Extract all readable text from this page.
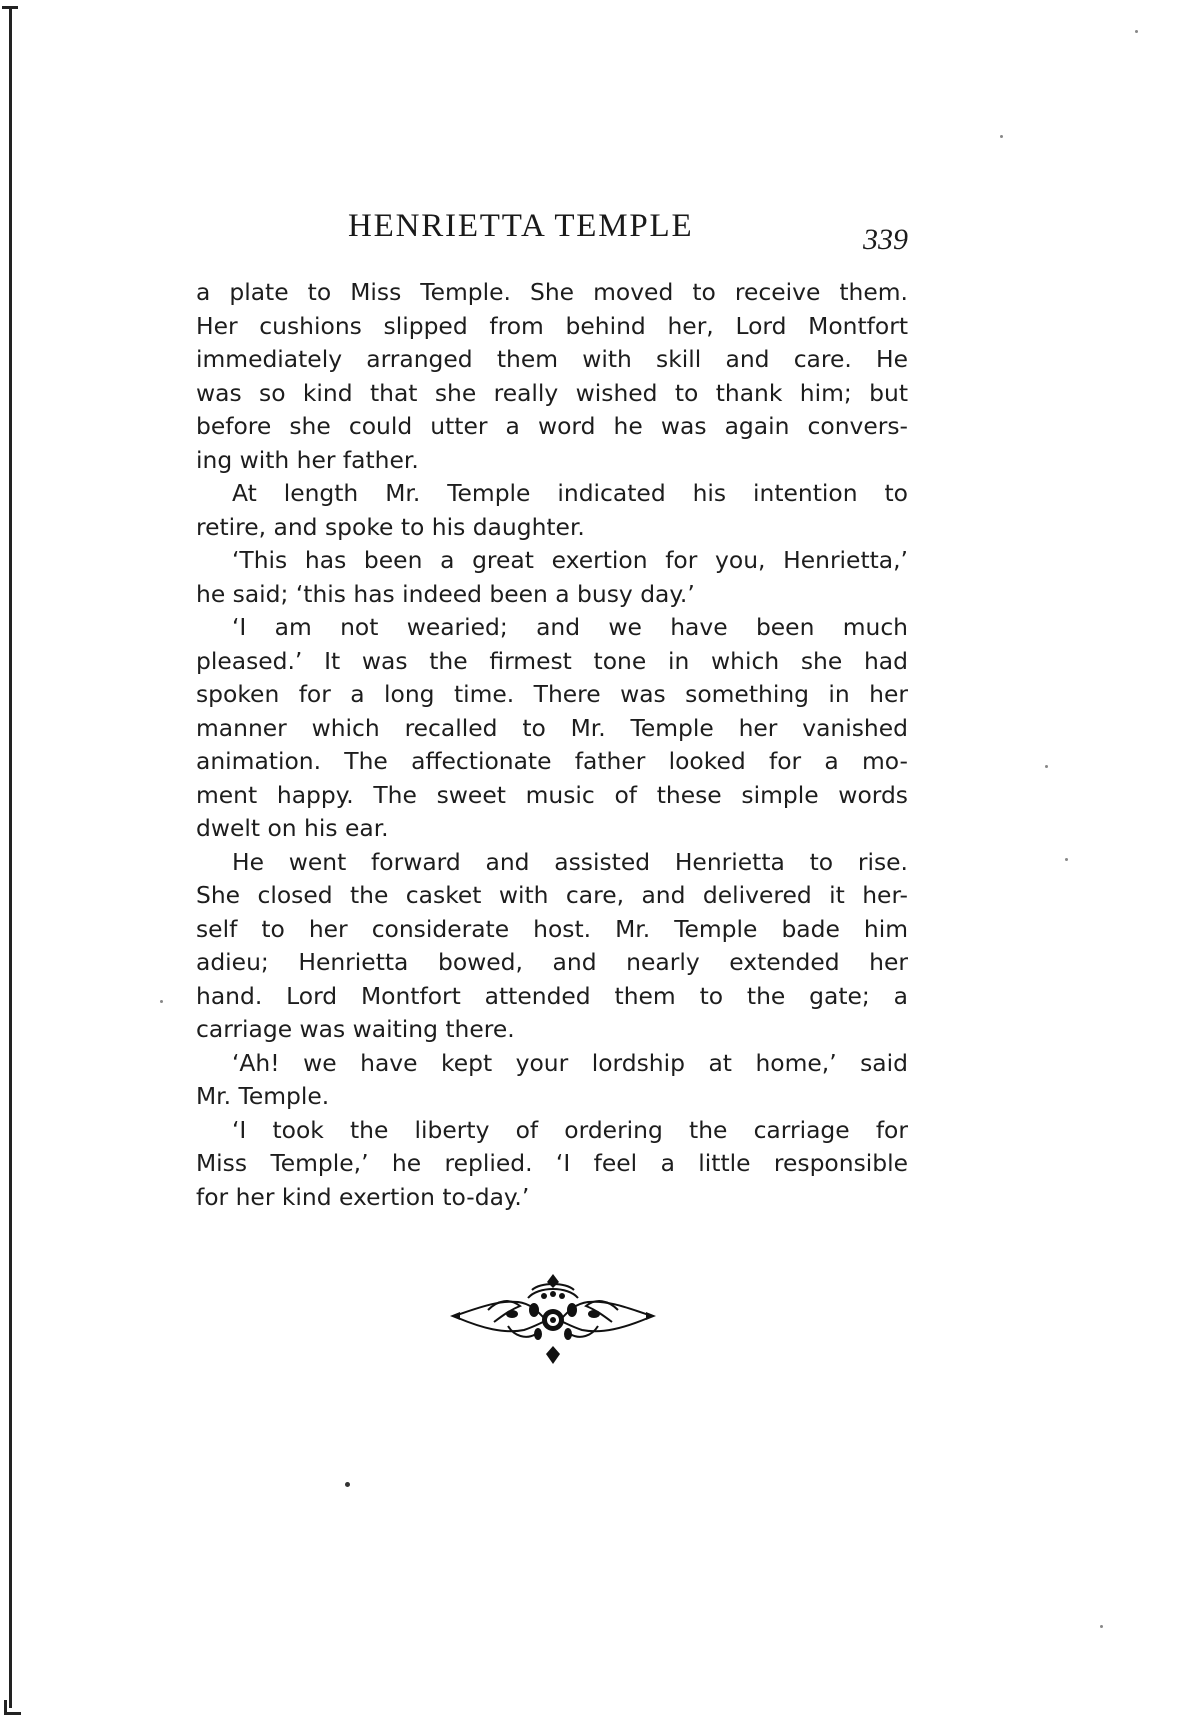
HENRIETTA TEMPLE	339
a plate to Miss Temple. She moved to receive them.
Her cushions slipped from behind her, Lord Montfort
immediately arranged them with skill and care. He
was so kind that she really wished to thank him; but
before she could utter a word he was again convers-
ing with her father.
At length Mr. Temple indicated his intention to
retire, and spoke to his daughter.
‘This has been a great exertion for you, Henrietta,’
he said; ‘this has indeed been a busy day.’
‘I am not wearied; and we have been much
pleased.’ It was the firmest tone in which she had
spoken for a long time. There was something in her
manner which recalled to Mr. Temple her vanished
animation. The affectionate father looked for a mo-
ment happy. The sweet music of these simple words
dwelt on his ear.
He went forward and assisted Henrietta to rise.
She closed the casket with care, and delivered it her-
self to her considerate host. Mr. Temple bade him
adieu; Henrietta bowed, and nearly extended her
hand. Lord Montfort attended them to the gate; a
carriage was waiting there.
‘Ah! we have kept your lordship at home,’ said
Mr. Temple.
‘I took the liberty of ordering the carriage for
Miss Temple,’ he replied. ‘I feel a little responsible
for her kind exertion to-day.’
